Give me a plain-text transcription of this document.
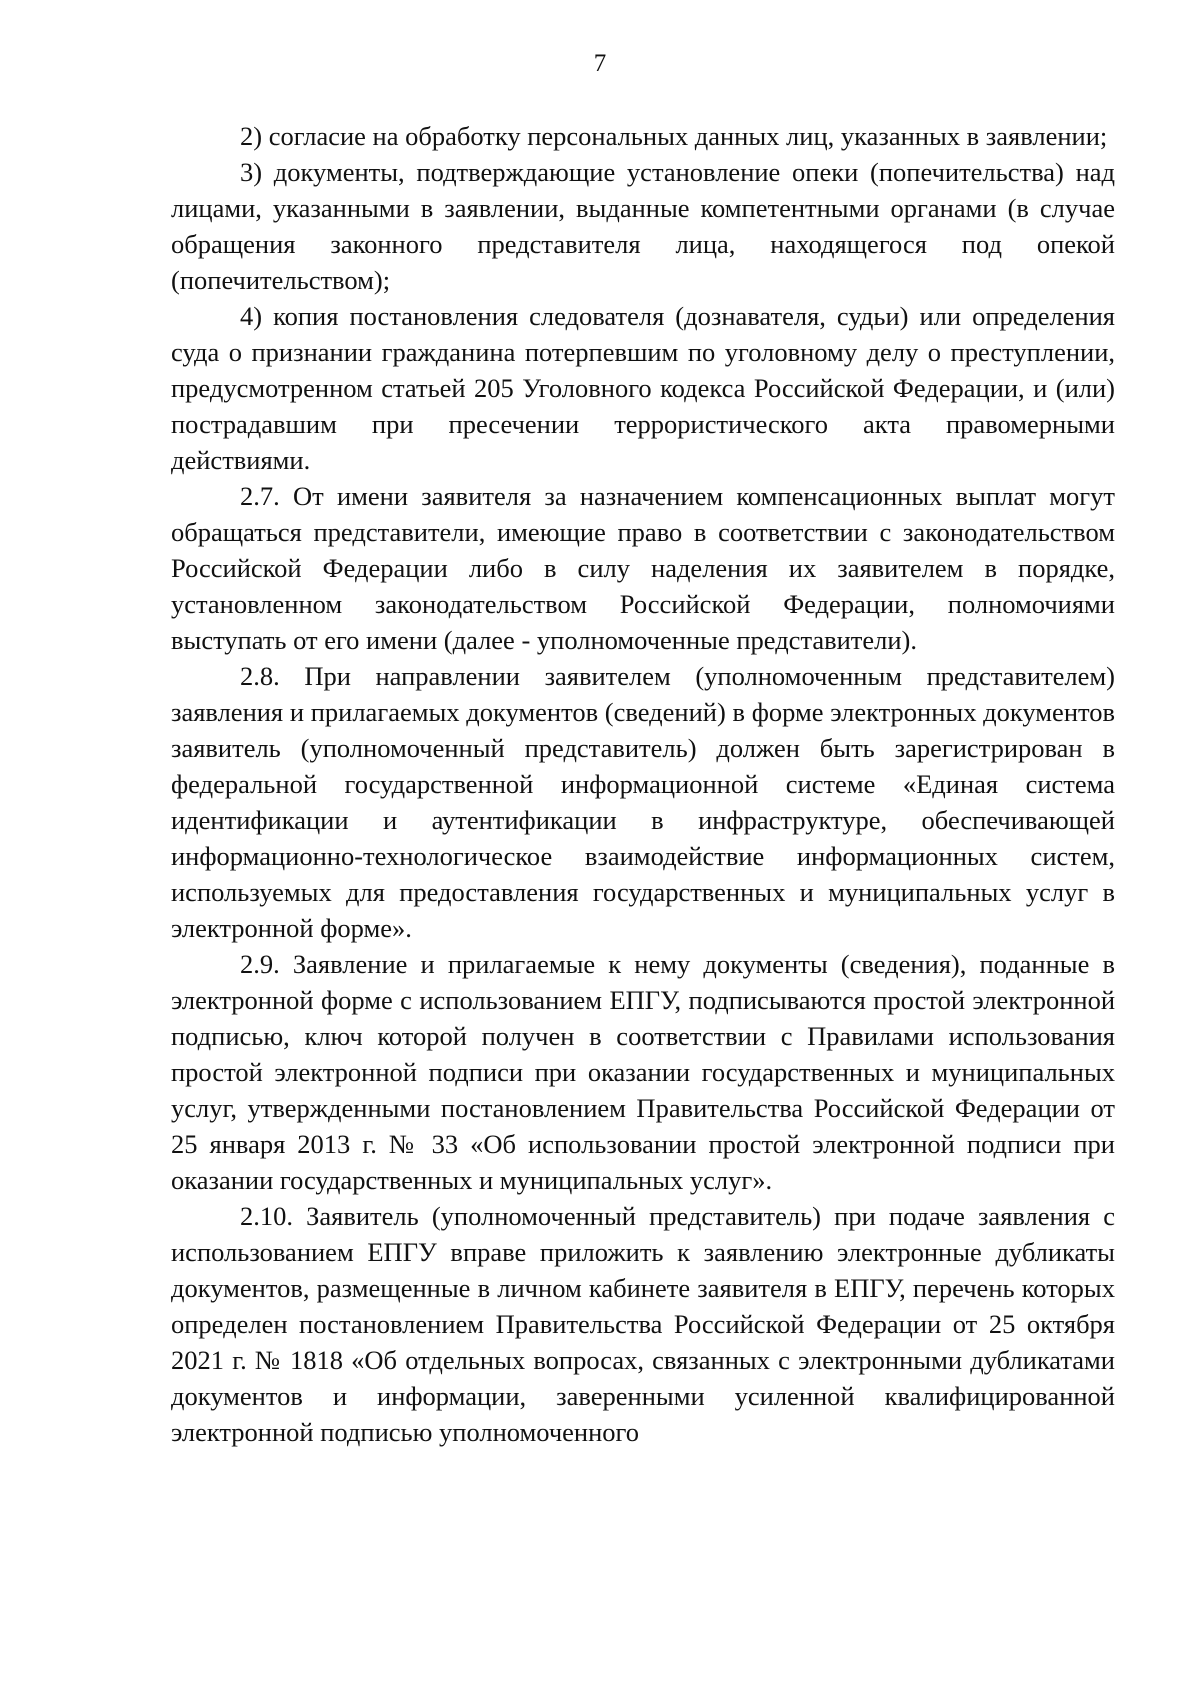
7

2) согласие на обработку персональных данных лиц, указанных в заявлении;

3) документы, подтверждающие установление опеки (попечительства) над лицами, указанными в заявлении, выданные компетентными органами (в случае обращения законного представителя лица, находящегося под опекой (попечительством);

4) копия постановления следователя (дознавателя, судьи) или определения суда о признании гражданина потерпевшим по уголовному делу о преступлении, предусмотренном статьей 205 Уголовного кодекса Российской Федерации, и (или) пострадавшим при пресечении террористического акта правомерными действиями.

2.7. От имени заявителя за назначением компенсационных выплат могут обращаться представители, имеющие право в соответствии с законодательством Российской Федерации либо в силу наделения их заявителем в порядке, установленном законодательством Российской Федерации, полномочиями выступать от его имени (далее - уполномоченные представители).

2.8. При направлении заявителем (уполномоченным представителем) заявления и прилагаемых документов (сведений) в форме электронных документов заявитель (уполномоченный представитель) должен быть зарегистрирован в федеральной государственной информационной системе «Единая система идентификации и аутентификации в инфраструктуре, обеспечивающей информационно-технологическое взаимодействие информационных систем, используемых для предоставления государственных и муниципальных услуг в электронной форме».

2.9. Заявление и прилагаемые к нему документы (сведения), поданные в электронной форме с использованием ЕПГУ, подписываются простой электронной подписью, ключ которой получен в соответствии с Правилами использования простой электронной подписи при оказании государственных и муниципальных услуг, утвержденными постановлением Правительства Российской Федерации от 25 января 2013 г. № 33 «Об использовании простой электронной подписи при оказании государственных и муниципальных услуг».

2.10. Заявитель (уполномоченный представитель) при подаче заявления с использованием ЕПГУ вправе приложить к заявлению электронные дубликаты документов, размещенные в личном кабинете заявителя в ЕПГУ, перечень которых определен постановлением Правительства Российской Федерации от 25 октября 2021 г. № 1818 «Об отдельных вопросах, связанных с электронными дубликатами документов и информации, заверенными усиленной квалифицированной электронной подписью уполномоченного
